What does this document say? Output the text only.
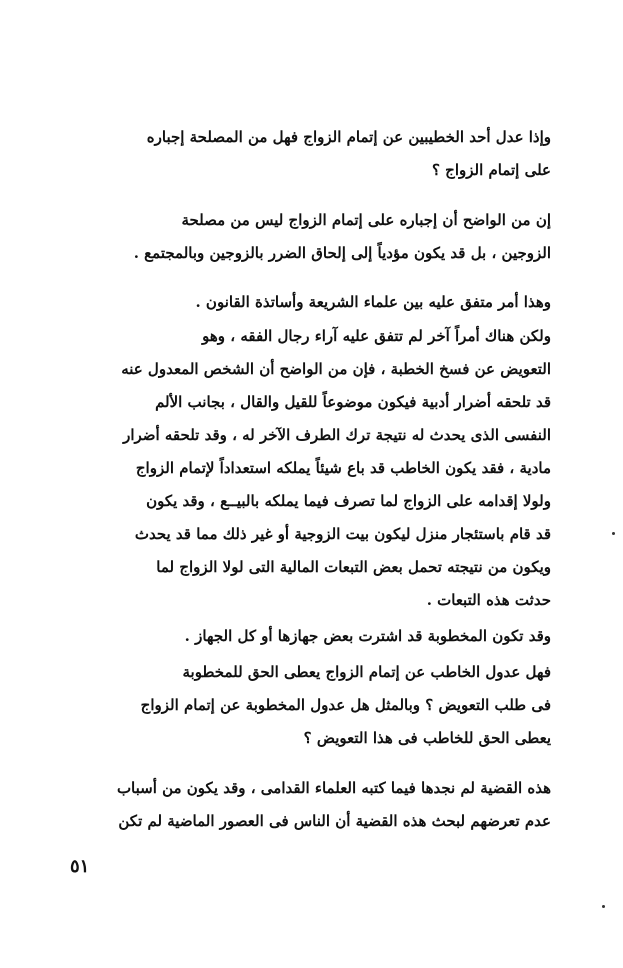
وإذا عدل أحد الخطيبين عن إتمام الزواج فهل من المصلحة إجباره
على إتمام الزواج ؟
إن من الواضح أن إجباره على إتمام الزواج ليس من مصلحة
الزوجين ، بل قد يكون مؤدياً إلى إلحاق الضرر بالزوجين وبالمجتمع .
وهذا أمر متفق عليه بين علماء الشريعة وأساتذة القانون .
ولكن هناك أمراً آخر لم تتفق عليه آراء رجال الفقه ، وهو
التعويض عن فسخ الخطبة ، فإن من الواضح أن الشخص المعدول عنه
قد تلحقه أضرار أدبية فيكون موضوعاً للقيل والقال ، بجانب الألم
النفسى الذى يحدث له نتيجة ترك الطرف الآخر له ، وقد تلحقه أضرار
مادية ، فقد يكون الخاطب قد باع شيئاً يملكه استعداداً لإتمام الزواج
ولولا إقدامه على الزواج لما تصرف فيما يملكه بالبيــع ، وقد يكون
قد قام باستئجار منزل ليكون بيت الزوجية أو غير ذلك مما قد يحدث
ويكون من نتيجته تحمل بعض التبعات المالية التى لولا الزواج لما
حدثت هذه التبعات .
وقد تكون المخطوبة قد اشترت بعض جهازها أو كل الجهاز .
فهل عدول الخاطب عن إتمام الزواج يعطى الحق للمخطوبة
فى طلب التعويض ؟ وبالمثل هل عدول المخطوبة عن إتمام الزواج
يعطى الحق للخاطب فى هذا التعويض ؟
هذه القضية لم نجدها فيما كتبه العلماء القدامى ، وقد يكون من أسباب
عدم تعرضهم لبحث هذه القضية أن الناس فى العصور الماضية لم تكن
٥١
